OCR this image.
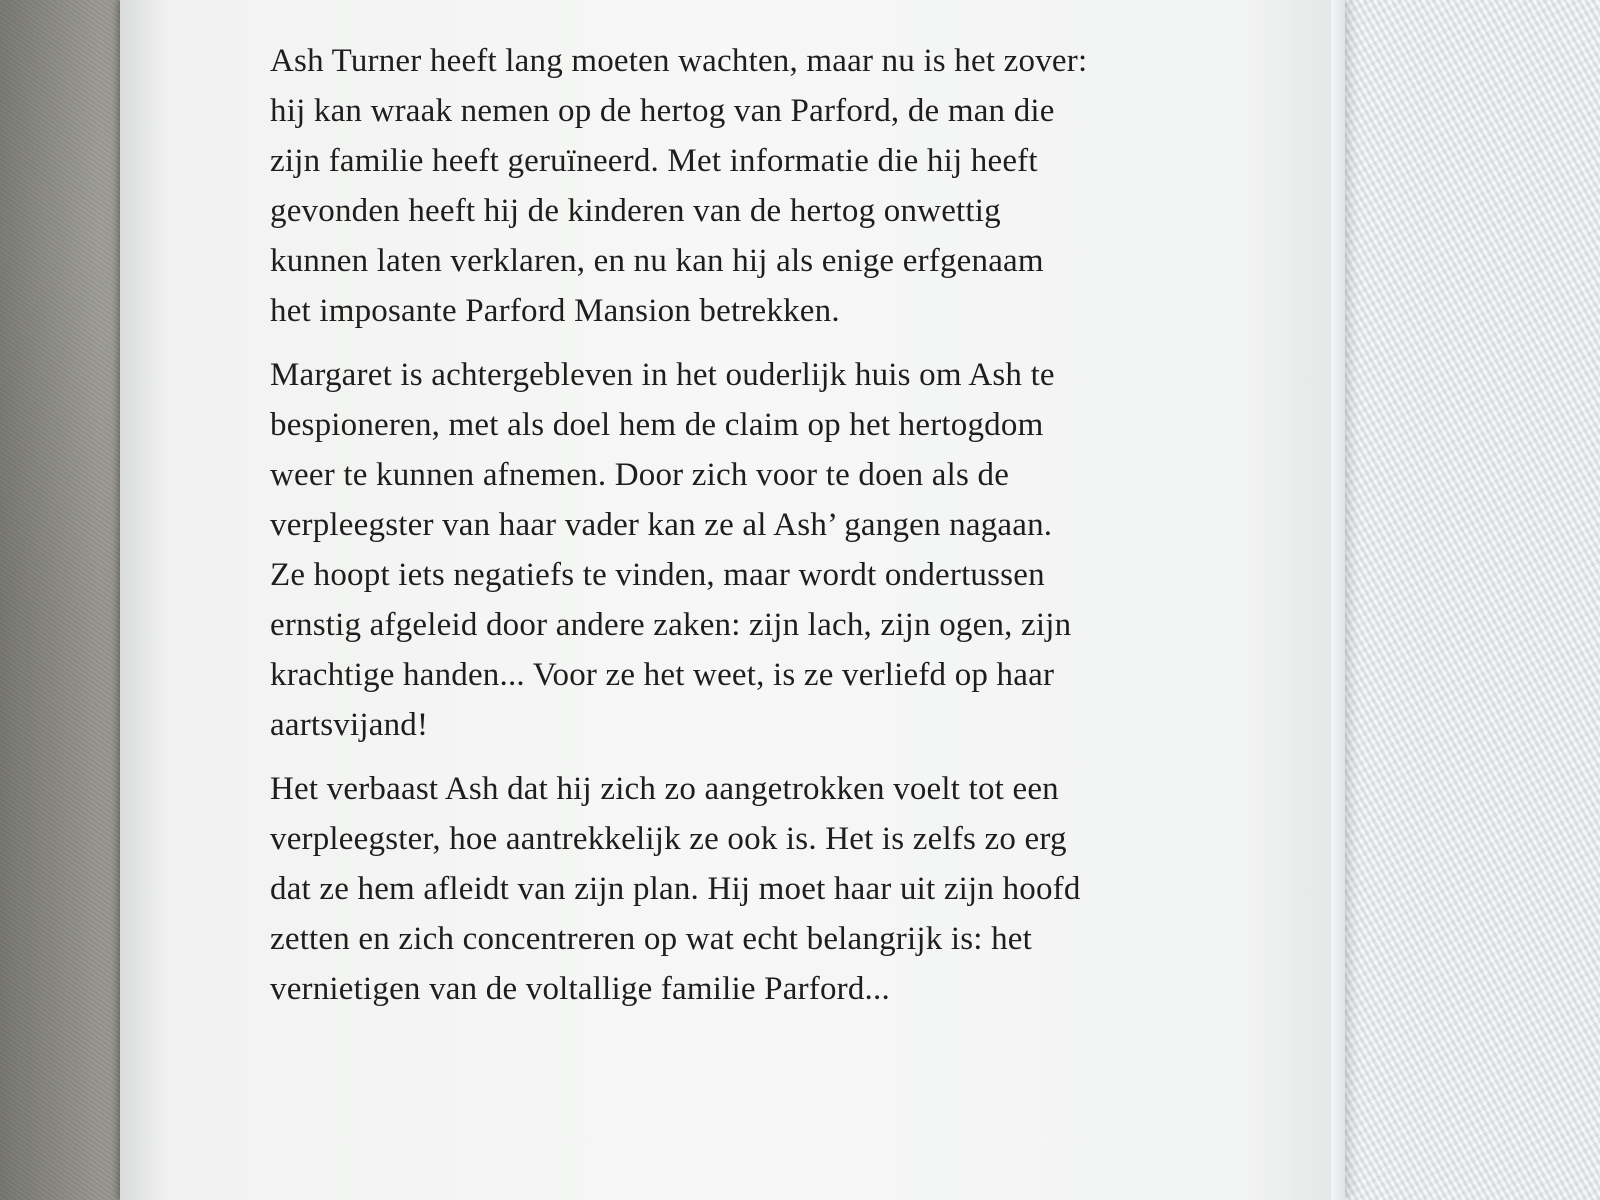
Ash Turner heeft lang moeten wachten, maar nu is het zover:
hij kan wraak nemen op de hertog van Parford, de man die
zijn familie heeft geruïneerd. Met informatie die hij heeft
gevonden heeft hij de kinderen van de hertog onwettig
kunnen laten verklaren, en nu kan hij als enige erfgenaam
het imposante Parford Mansion betrekken.

Margaret is achtergebleven in het ouderlijk huis om Ash te
bespioneren, met als doel hem de claim op het hertogdom
weer te kunnen afnemen. Door zich voor te doen als de
verpleegster van haar vader kan ze al Ash’ gangen nagaan.
Ze hoopt iets negatiefs te vinden, maar wordt ondertussen
ernstig afgeleid door andere zaken: zijn lach, zijn ogen, zijn
krachtige handen... Voor ze het weet, is ze verliefd op haar
aartsvijand!

Het verbaast Ash dat hij zich zo aangetrokken voelt tot een
verpleegster, hoe aantrekkelijk ze ook is. Het is zelfs zo erg
dat ze hem afleidt van zijn plan. Hij moet haar uit zijn hoofd
zetten en zich concentreren op wat echt belangrijk is: het
vernietigen van de voltallige familie Parford...
